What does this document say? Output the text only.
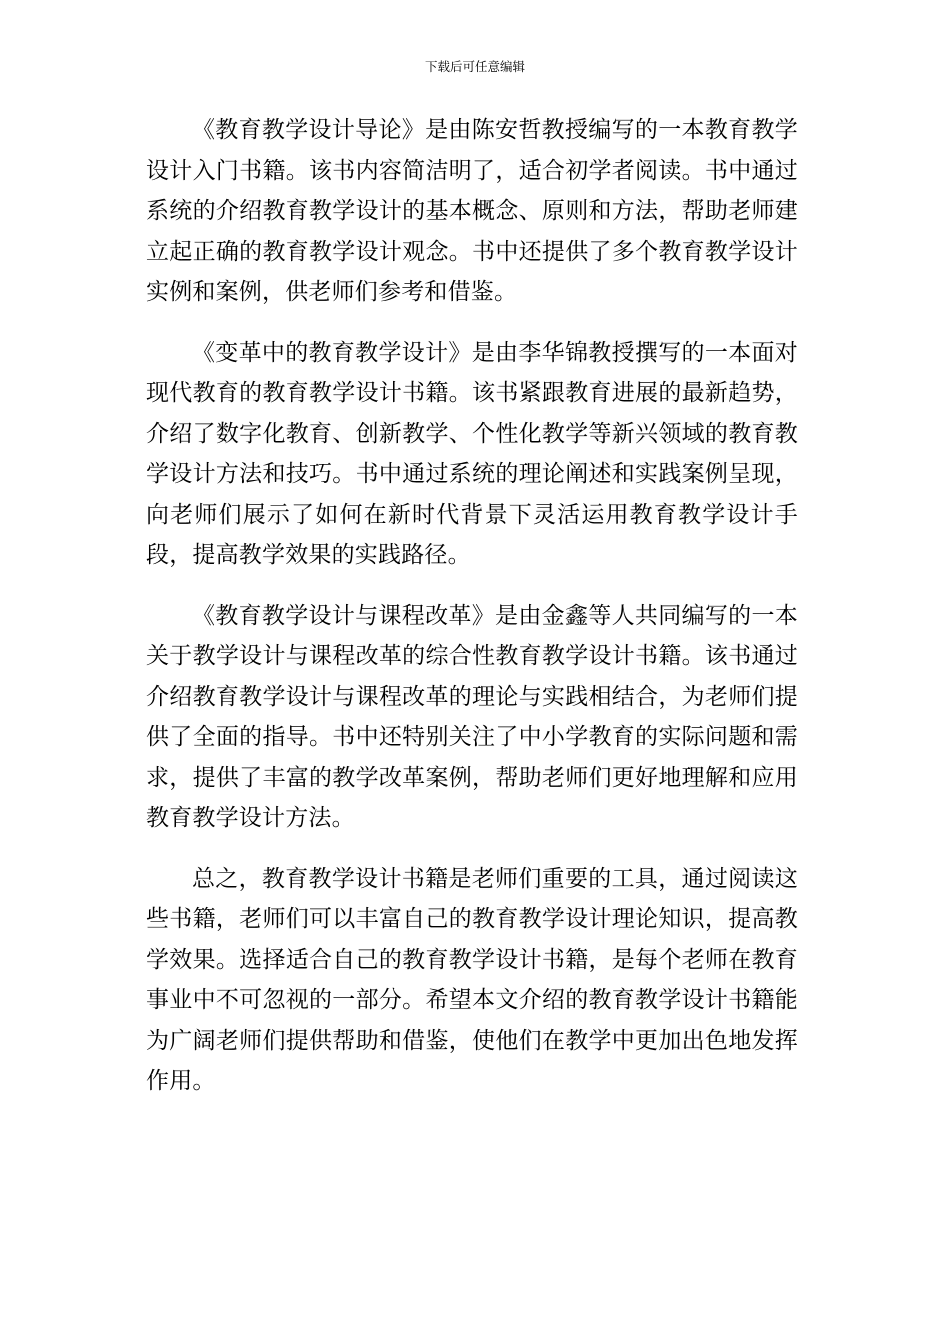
下载后可任意编辑

《教育教学设计导论》是由陈安哲教授编写的一本教育教学设计入门书籍。该书内容简洁明了，适合初学者阅读。书中通过系统的介绍教育教学设计的基本概念、原则和方法，帮助老师建立起正确的教育教学设计观念。书中还提供了多个教育教学设计实例和案例，供老师们参考和借鉴。

《变革中的教育教学设计》是由李华锦教授撰写的一本面对现代教育的教育教学设计书籍。该书紧跟教育进展的最新趋势，介绍了数字化教育、创新教学、个性化教学等新兴领域的教育教学设计方法和技巧。书中通过系统的理论阐述和实践案例呈现，向老师们展示了如何在新时代背景下灵活运用教育教学设计手段，提高教学效果的实践路径。

《教育教学设计与课程改革》是由金鑫等人共同编写的一本关于教学设计与课程改革的综合性教育教学设计书籍。该书通过介绍教育教学设计与课程改革的理论与实践相结合，为老师们提供了全面的指导。书中还特别关注了中小学教育的实际问题和需求，提供了丰富的教学改革案例，帮助老师们更好地理解和应用教育教学设计方法。

总之，教育教学设计书籍是老师们重要的工具，通过阅读这些书籍，老师们可以丰富自己的教育教学设计理论知识，提高教学效果。选择适合自己的教育教学设计书籍，是每个老师在教育事业中不可忽视的一部分。希望本文介绍的教育教学设计书籍能为广阔老师们提供帮助和借鉴，使他们在教学中更加出色地发挥作用。
